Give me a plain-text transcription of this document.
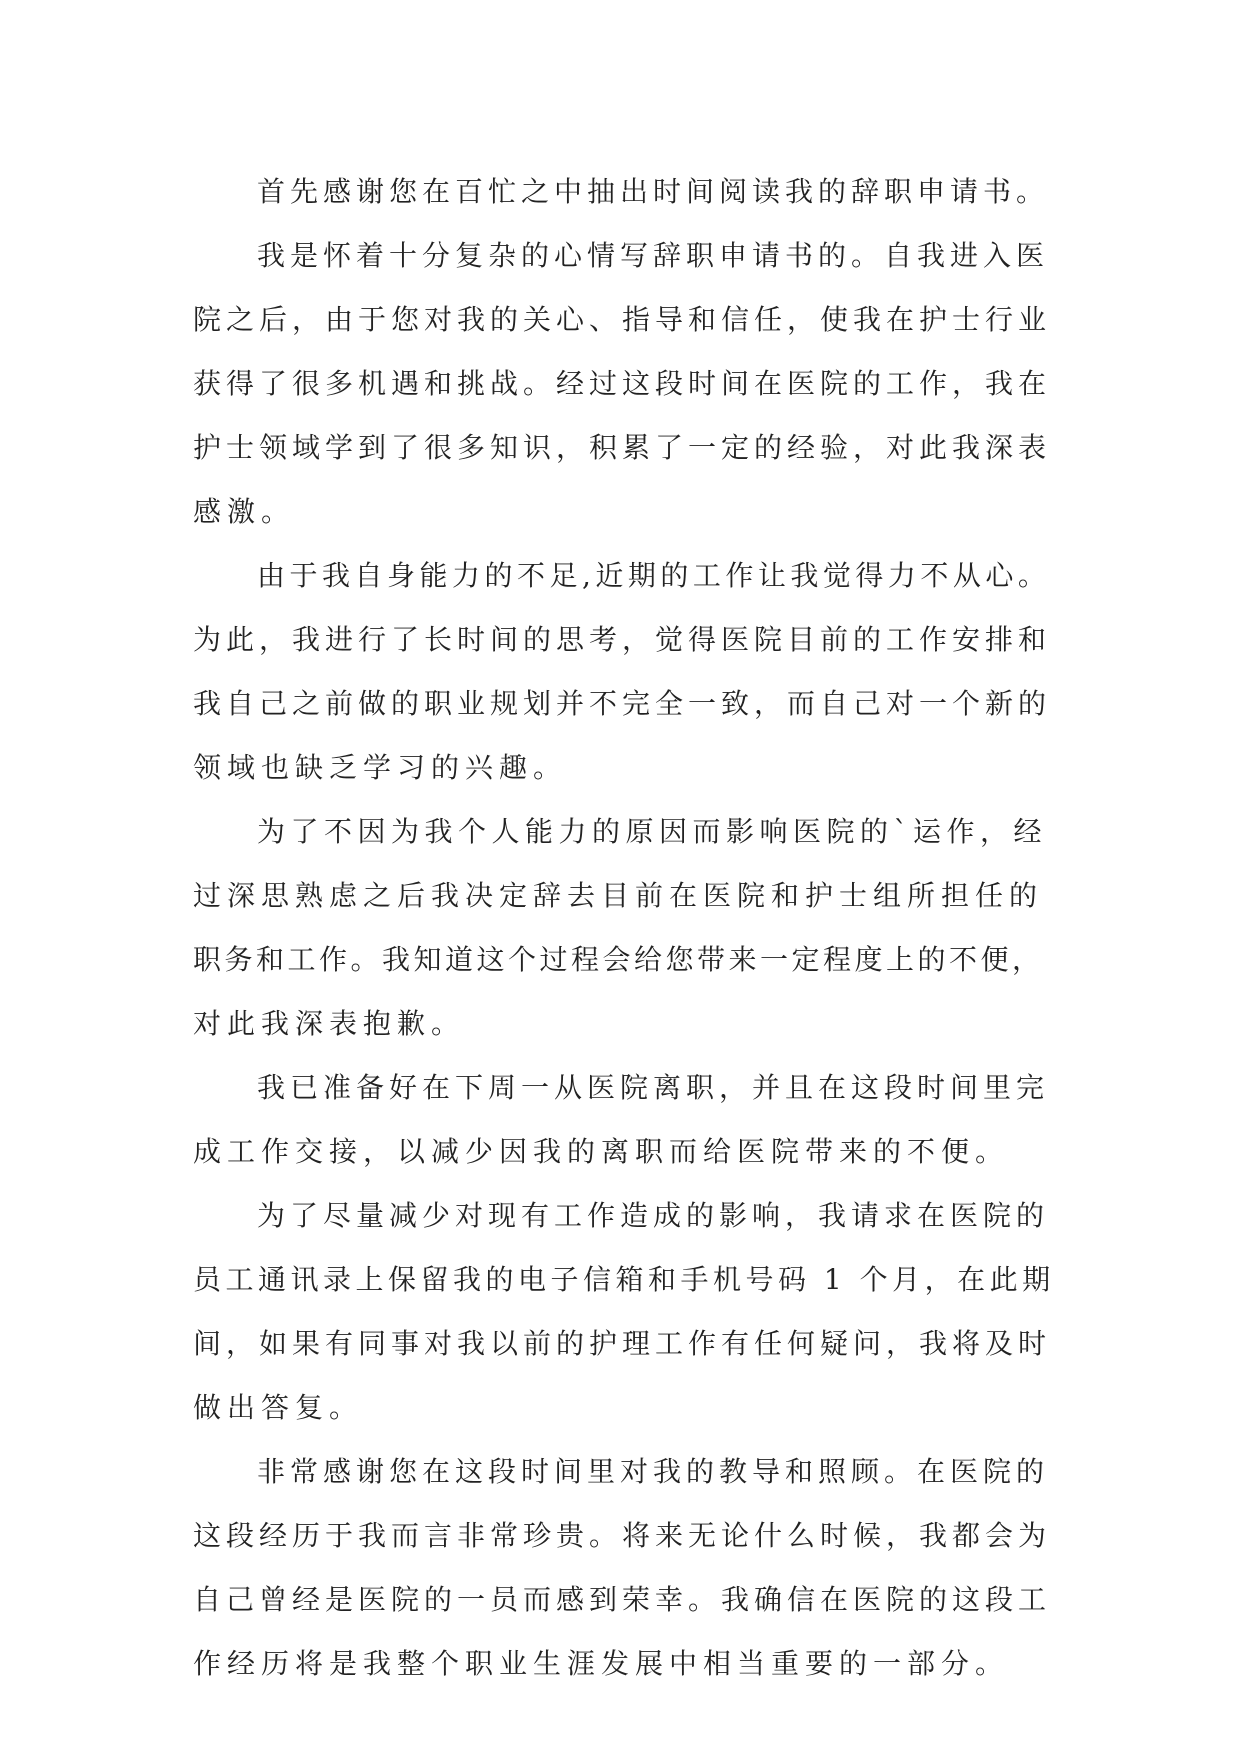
首先感谢您在百忙之中抽出时间阅读我的辞职申请书。
我是怀着十分复杂的心情写辞职申请书的。自我进入医
院之后，由于您对我的关心、指导和信任，使我在护士行业
获得了很多机遇和挑战。经过这段时间在医院的工作，我在
护士领域学到了很多知识，积累了一定的经验，对此我深表
感激。
由于我自身能力的不足,近期的工作让我觉得力不从心。
为此，我进行了长时间的思考，觉得医院目前的工作安排和
我自己之前做的职业规划并不完全一致，而自己对一个新的
领域也缺乏学习的兴趣。
为了不因为我个人能力的原因而影响医院的`运作，经
过深思熟虑之后我决定辞去目前在医院和护士组所担任的
职务和工作。我知道这个过程会给您带来一定程度上的不便，
对此我深表抱歉。
我已准备好在下周一从医院离职，并且在这段时间里完
成工作交接，以减少因我的离职而给医院带来的不便。
为了尽量减少对现有工作造成的影响，我请求在医院的
员工通讯录上保留我的电子信箱和手机号码 1 个月，在此期
间，如果有同事对我以前的护理工作有任何疑问，我将及时
做出答复。
非常感谢您在这段时间里对我的教导和照顾。在医院的
这段经历于我而言非常珍贵。将来无论什么时候，我都会为
自己曾经是医院的一员而感到荣幸。我确信在医院的这段工
作经历将是我整个职业生涯发展中相当重要的一部分。
